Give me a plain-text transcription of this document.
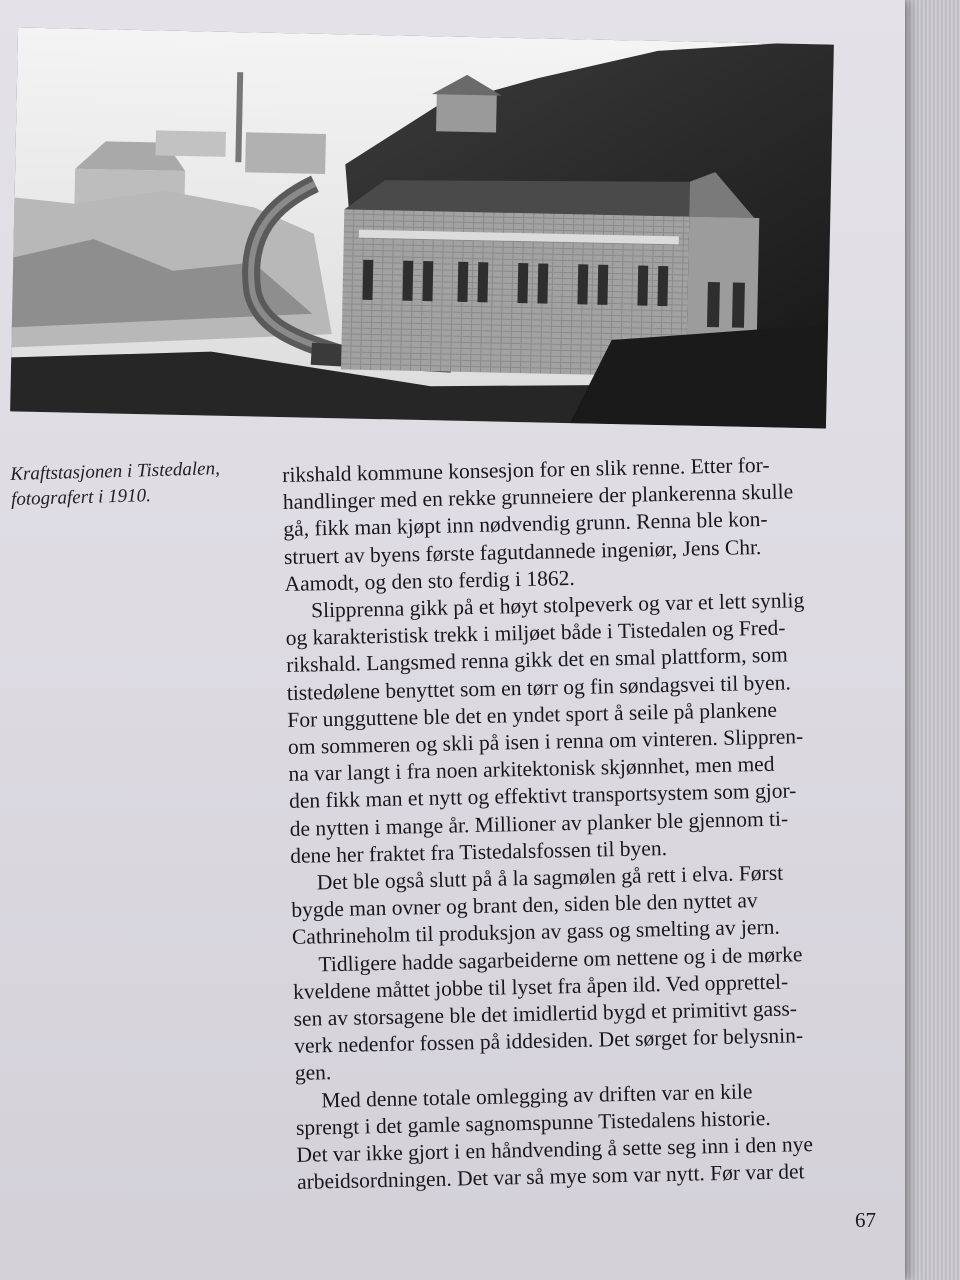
Kraftstasjonen i Tistedalen,
fotografert i 1910.
rikshald kommune konsesjon for en slik renne. Etter for-
handlinger med en rekke grunneiere der plankerenna skulle
gå, fikk man kjøpt inn nødvendig grunn. Renna ble kon-
struert av byens første fagutdannede ingeniør, Jens Chr.
Aamodt, og den sto ferdig i 1862.
Slipprenna gikk på et høyt stolpeverk og var et lett synlig
og karakteristisk trekk i miljøet både i Tistedalen og Fred-
rikshald. Langsmed renna gikk det en smal plattform, som
tistedølene benyttet som en tørr og fin søndagsvei til byen.
For ungguttene ble det en yndet sport å seile på plankene
om sommeren og skli på isen i renna om vinteren. Slippren-
na var langt i fra noen arkitektonisk skjønnhet, men med
den fikk man et nytt og effektivt transportsystem som gjor-
de nytten i mange år. Millioner av planker ble gjennom ti-
dene her fraktet fra Tistedalsfossen til byen.
Det ble også slutt på å la sagmølen gå rett i elva. Først
bygde man ovner og brant den, siden ble den nyttet av
Cathrineholm til produksjon av gass og smelting av jern.
Tidligere hadde sagarbeiderne om nettene og i de mørke
kveldene måttet jobbe til lyset fra åpen ild. Ved opprettel-
sen av storsagene ble det imidlertid bygd et primitivt gass-
verk nedenfor fossen på iddesiden. Det sørget for belysnin-
gen.
Med denne totale omlegging av driften var en kile
sprengt i det gamle sagnomspunne Tistedalens historie.
Det var ikke gjort i en håndvending å sette seg inn i den nye
arbeidsordningen. Det var så mye som var nytt. Før var det
67
